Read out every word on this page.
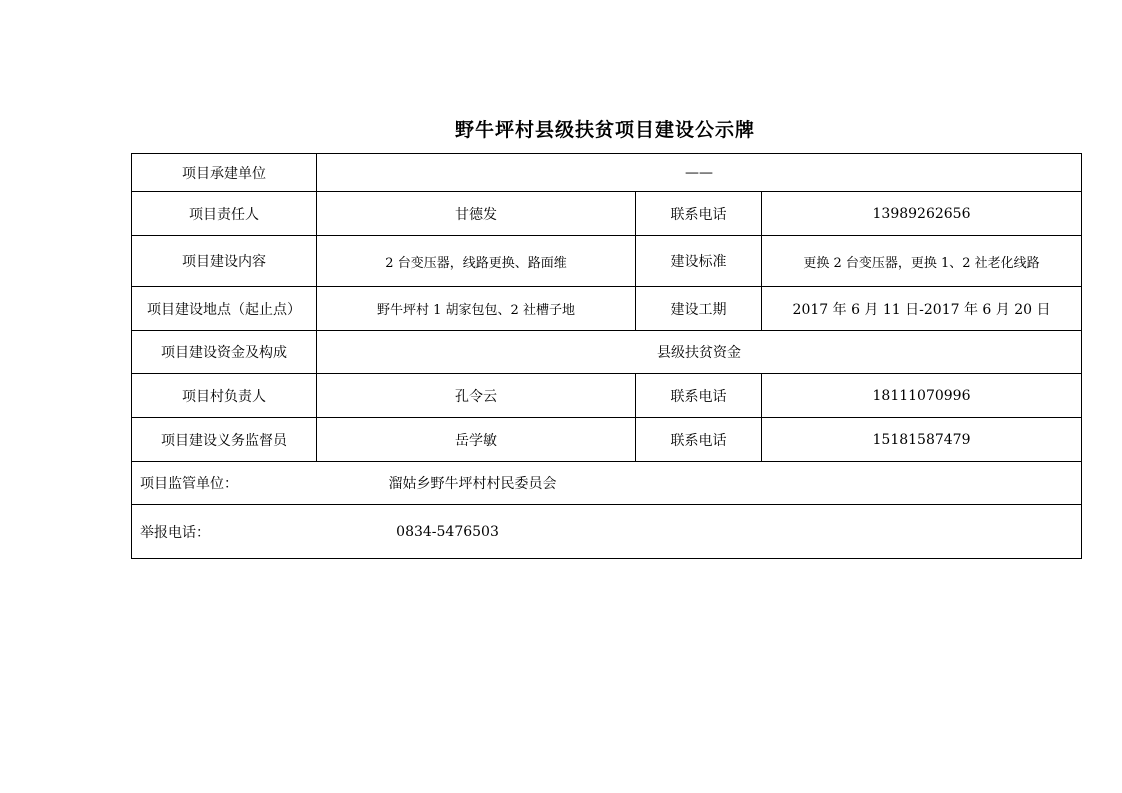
野牛坪村县级扶贫项目建设公示牌
项目承建单位	——		
项目责任人	甘德发	联系电话	13989262656
项目建设内容	2 台变压器，线路更换、路面维	建设标准	更换 2 台变压器，更换 1、2 社老化线路
项目建设地点（起止点）	野牛坪村 1 胡家包包、2 社槽子地	建设工期	2017 年 6 月 11 日-2017 年 6 月 20 日
项目建设资金及构成	县级扶贫资金		
项目村负责人	孔令云	联系电话	18111070996
项目建设义务监督员	岳学敏	联系电话	15181587479

项目监管单位： 溜姑乡野牛坪村村民委员会			

举报电话： 0834-5476503			
